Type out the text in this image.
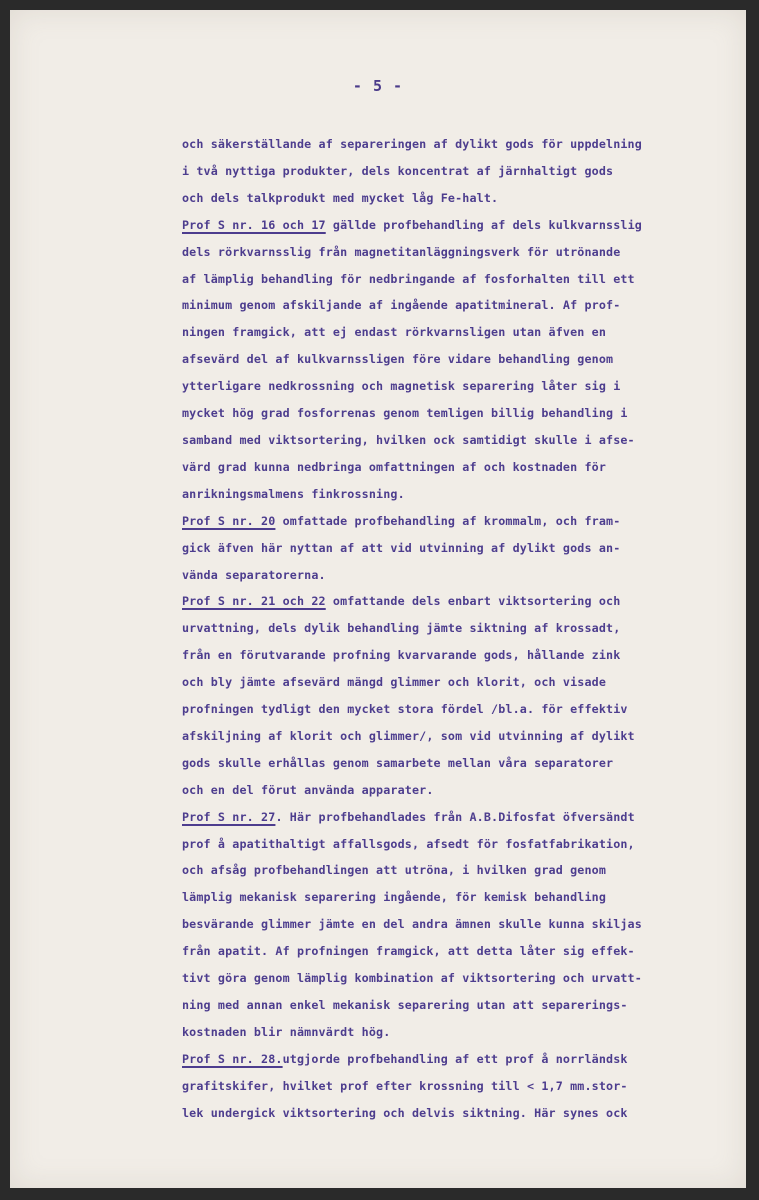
- 5 -
och säkerställande af separeringen af dylikt gods för uppdelning
i två nyttiga produkter, dels koncentrat af järnhaltigt gods
och dels talkprodukt med mycket låg Fe-halt.
Prof S nr. 16 och 17 gällde profbehandling af dels kulkvarnsslig
dels rörkvarnsslig från magnetitanläggningsverk för utrönande
af lämplig behandling för nedbringande af fosforhalten till ett
minimum genom afskiljande af ingående apatitmineral. Af prof-
ningen framgick, att ej endast rörkvarnsligen utan äfven en
afsevärd del af kulkvarnssligen före vidare behandling genom
ytterligare nedkrossning och magnetisk separering låter sig i
mycket hög grad fosforrenas genom temligen billig behandling i
samband med viktsortering, hvilken ock samtidigt skulle i afse-
värd grad kunna nedbringa omfattningen af och kostnaden för
anrikningsmalmens finkrossning.
Prof S nr. 20 omfattade profbehandling af krommalm, och fram-
gick äfven här nyttan af att vid utvinning af dylikt gods an-
vända separatorerna.
Prof S nr. 21 och 22 omfattande dels enbart viktsortering och
urvattning, dels dylik behandling jämte siktning af krossadt,
från en förutvarande profning kvarvarande gods, hållande zink
och bly jämte afsevärd mängd glimmer och klorit, och visade
profningen tydligt den mycket stora fördel /bl.a. för effektiv
afskiljning af klorit och glimmer/, som vid utvinning af dylikt
gods skulle erhållas genom samarbete mellan våra separatorer
och en del förut använda apparater.
Prof S nr. 27. Här profbehandlades från A.B.Difosfat öfversändt
prof å apatithaltigt affallsgods, afsedt för fosfatfabrikation,
och afsåg profbehandlingen att utröna, i hvilken grad genom
lämplig mekanisk separering ingående, för kemisk behandling
besvärande glimmer jämte en del andra ämnen skulle kunna skiljas
från apatit. Af profningen framgick, att detta låter sig effek-
tivt göra genom lämplig kombination af viktsortering och urvatt-
ning med annan enkel mekanisk separering utan att separerings-
kostnaden blir nämnvärdt hög.
Prof S nr. 28.utgjorde profbehandling af ett prof å norrländsk
grafitskifer, hvilket prof efter krossning till < 1,7 mm.stor-
lek undergick viktsortering och delvis siktning. Här synes ock
